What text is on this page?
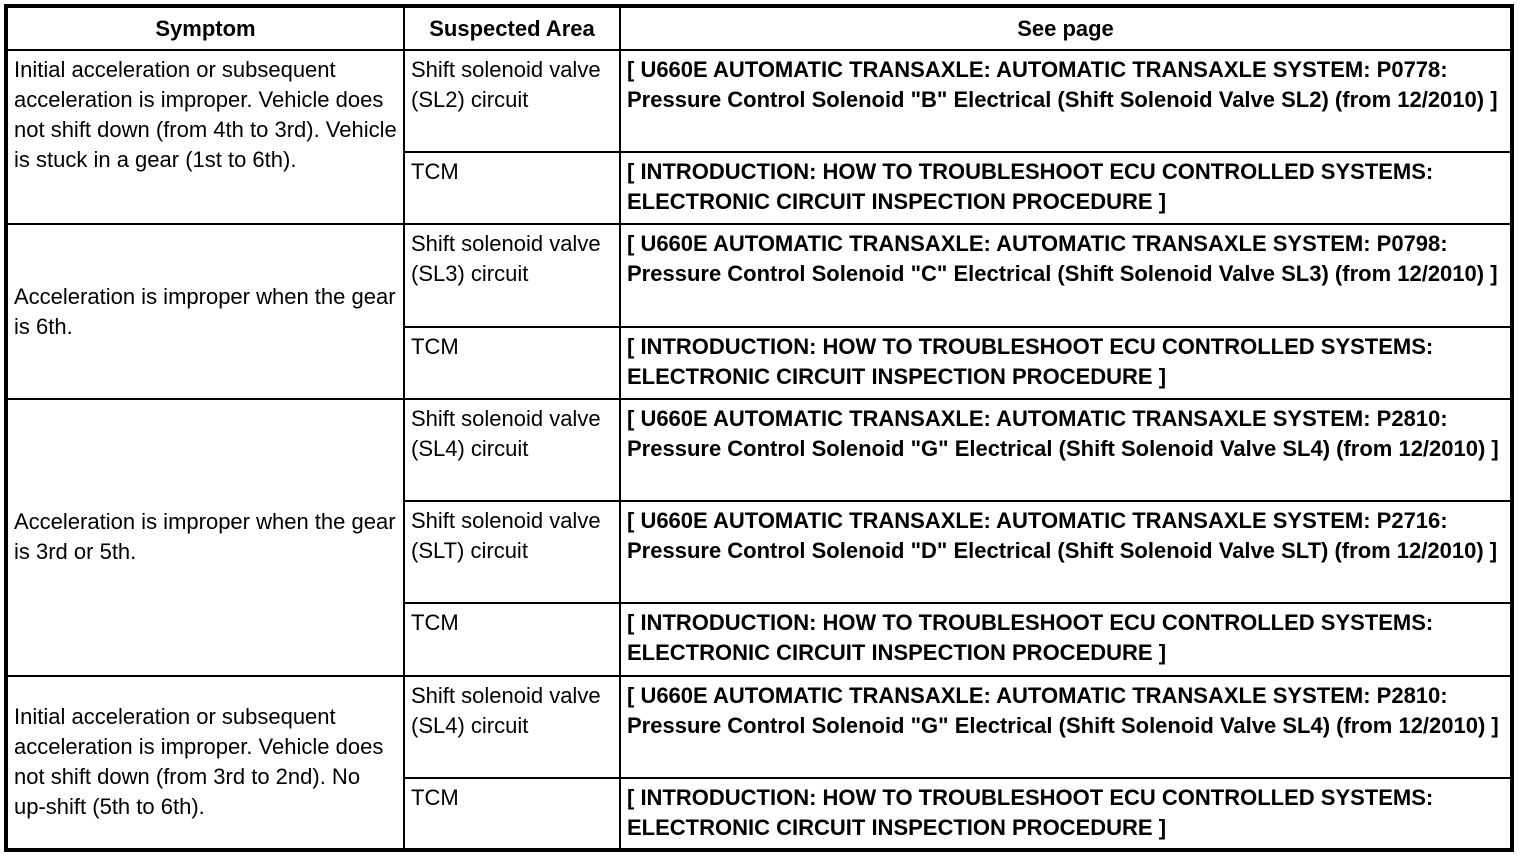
Symptom	Suspected Area	See page
Initial acceleration or subsequent acceleration is improper. Vehicle does not shift down (from 4th to 3rd). Vehicle is stuck in a gear (1st to 6th).	Shift solenoid valve (SL2) circuit	[ U660E AUTOMATIC TRANSAXLE: AUTOMATIC TRANSAXLE SYSTEM: P0778: Pressure Control Solenoid "B" Electrical (Shift Solenoid Valve SL2) (from 12/2010) ]
	TCM	[ INTRODUCTION: HOW TO TROUBLESHOOT ECU CONTROLLED SYSTEMS: ELECTRONIC CIRCUIT INSPECTION PROCEDURE ]
Acceleration is improper when the gear is 6th.	Shift solenoid valve (SL3) circuit	[ U660E AUTOMATIC TRANSAXLE: AUTOMATIC TRANSAXLE SYSTEM: P0798: Pressure Control Solenoid "C" Electrical (Shift Solenoid Valve SL3) (from 12/2010) ]
	TCM	[ INTRODUCTION: HOW TO TROUBLESHOOT ECU CONTROLLED SYSTEMS: ELECTRONIC CIRCUIT INSPECTION PROCEDURE ]
Acceleration is improper when the gear is 3rd or 5th.	Shift solenoid valve (SL4) circuit	[ U660E AUTOMATIC TRANSAXLE: AUTOMATIC TRANSAXLE SYSTEM: P2810: Pressure Control Solenoid "G" Electrical (Shift Solenoid Valve SL4) (from 12/2010) ]
	Shift solenoid valve (SLT) circuit	[ U660E AUTOMATIC TRANSAXLE: AUTOMATIC TRANSAXLE SYSTEM: P2716: Pressure Control Solenoid "D" Electrical (Shift Solenoid Valve SLT) (from 12/2010) ]
	TCM	[ INTRODUCTION: HOW TO TROUBLESHOOT ECU CONTROLLED SYSTEMS: ELECTRONIC CIRCUIT INSPECTION PROCEDURE ]
Initial acceleration or subsequent acceleration is improper. Vehicle does not shift down (from 3rd to 2nd). No up-shift (5th to 6th).	Shift solenoid valve (SL4) circuit	[ U660E AUTOMATIC TRANSAXLE: AUTOMATIC TRANSAXLE SYSTEM: P2810: Pressure Control Solenoid "G" Electrical (Shift Solenoid Valve SL4) (from 12/2010) ]
	TCM	[ INTRODUCTION: HOW TO TROUBLESHOOT ECU CONTROLLED SYSTEMS: ELECTRONIC CIRCUIT INSPECTION PROCEDURE ]
